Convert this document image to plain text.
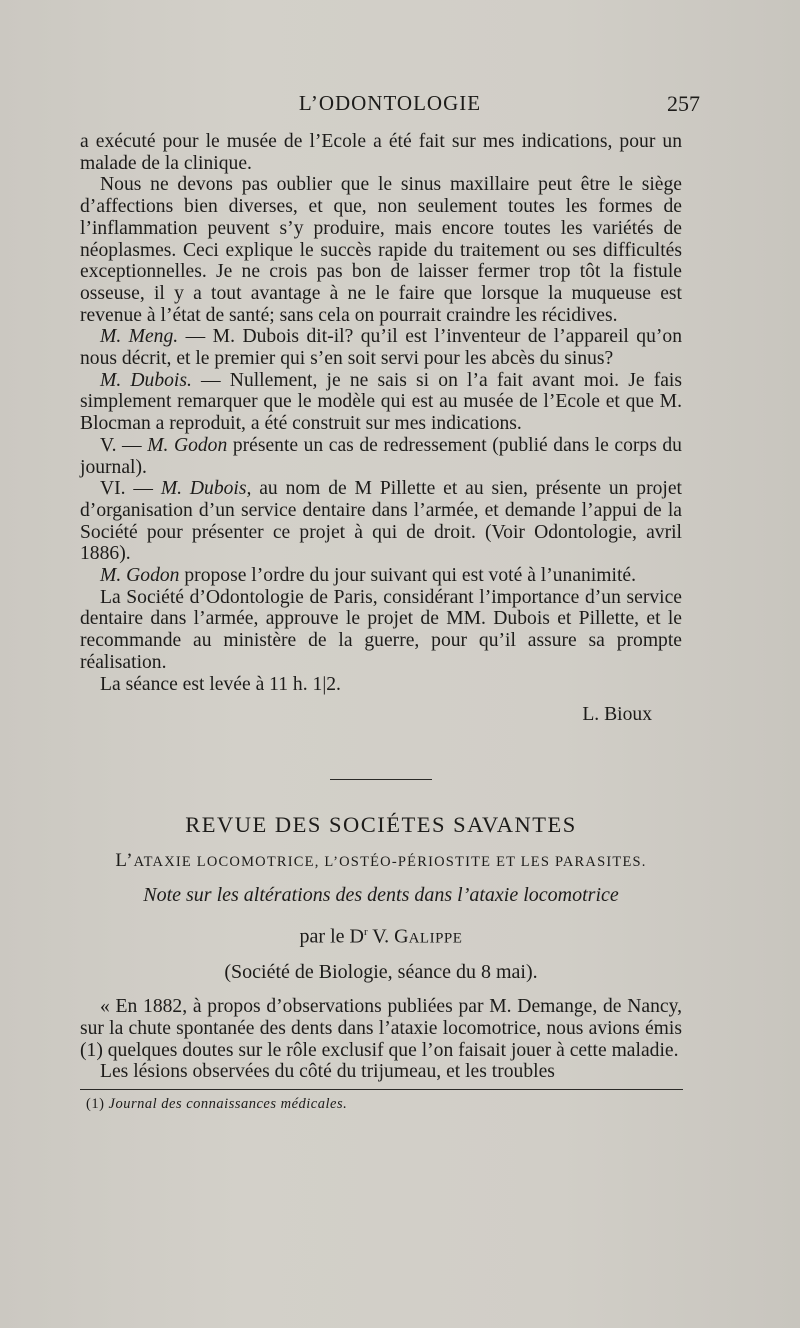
L’ODONTOLOGIE	257

a exécuté pour le musée de l’Ecole a été fait sur mes indications, pour un malade de la clinique.

Nous ne devons pas oublier que le sinus maxillaire peut être le siège d’affections bien diverses, et que, non seulement toutes les formes de l’inflammation peuvent s’y produire, mais encore toutes les variétés de néoplasmes. Ceci explique le succès rapide du traitement ou ses difficultés exceptionnelles. Je ne crois pas bon de laisser fermer trop tôt la fistule osseuse, il y a tout avantage à ne le faire que lorsque la muqueuse est revenue à l’état de santé; sans cela on pourrait craindre les récidives.

M. Meng. — M. Dubois dit-il? qu’il est l’inventeur de l’appareil qu’on nous décrit, et le premier qui s’en soit servi pour les abcès du sinus?

M. Dubois. — Nullement, je ne sais si on l’a fait avant moi. Je fais simplement remarquer que le modèle qui est au musée de l’Ecole et que M. Blocman a reproduit, a été construit sur mes indications.

V. — M. Godon présente un cas de redressement (publié dans le corps du journal).

VI. — M. Dubois, au nom de M Pillette et au sien, présente un projet d’organisation d’un service dentaire dans l’armée, et demande l’appui de la Société pour présenter ce projet à qui de droit. (Voir Odontologie, avril 1886).

M. Godon propose l’ordre du jour suivant qui est voté à l’unanimité.

La Société d’Odontologie de Paris, considérant l’importance d’un service dentaire dans l’armée, approuve le projet de MM. Dubois et Pillette, et le recommande au ministère de la guerre, pour qu’il assure sa prompte réalisation.

La séance est levée à 11 h. 1|2.

L. Bioux

REVUE DES SOCIÉTES SAVANTES
L’ATAXIE LOCOMOTRICE, L’OSTÉO-PÉRIOSTITE ET LES PARASITES.
Note sur les altérations des dents dans l’ataxie locomotrice
par le $D^r$ V. GALIPPE
(Société de Biologie, séance du 8 mai).

« En 1882, à propos d’observations publiées par M. Demange, de Nancy, sur la chute spontanée des dents dans l’ataxie locomotrice, nous avions émis (1) quelques doutes sur le rôle exclusif que l’on faisait jouer à cette maladie.

Les lésions observées du côté du trijumeau, et les troubles

(1) Journal des connaissances médicales.
